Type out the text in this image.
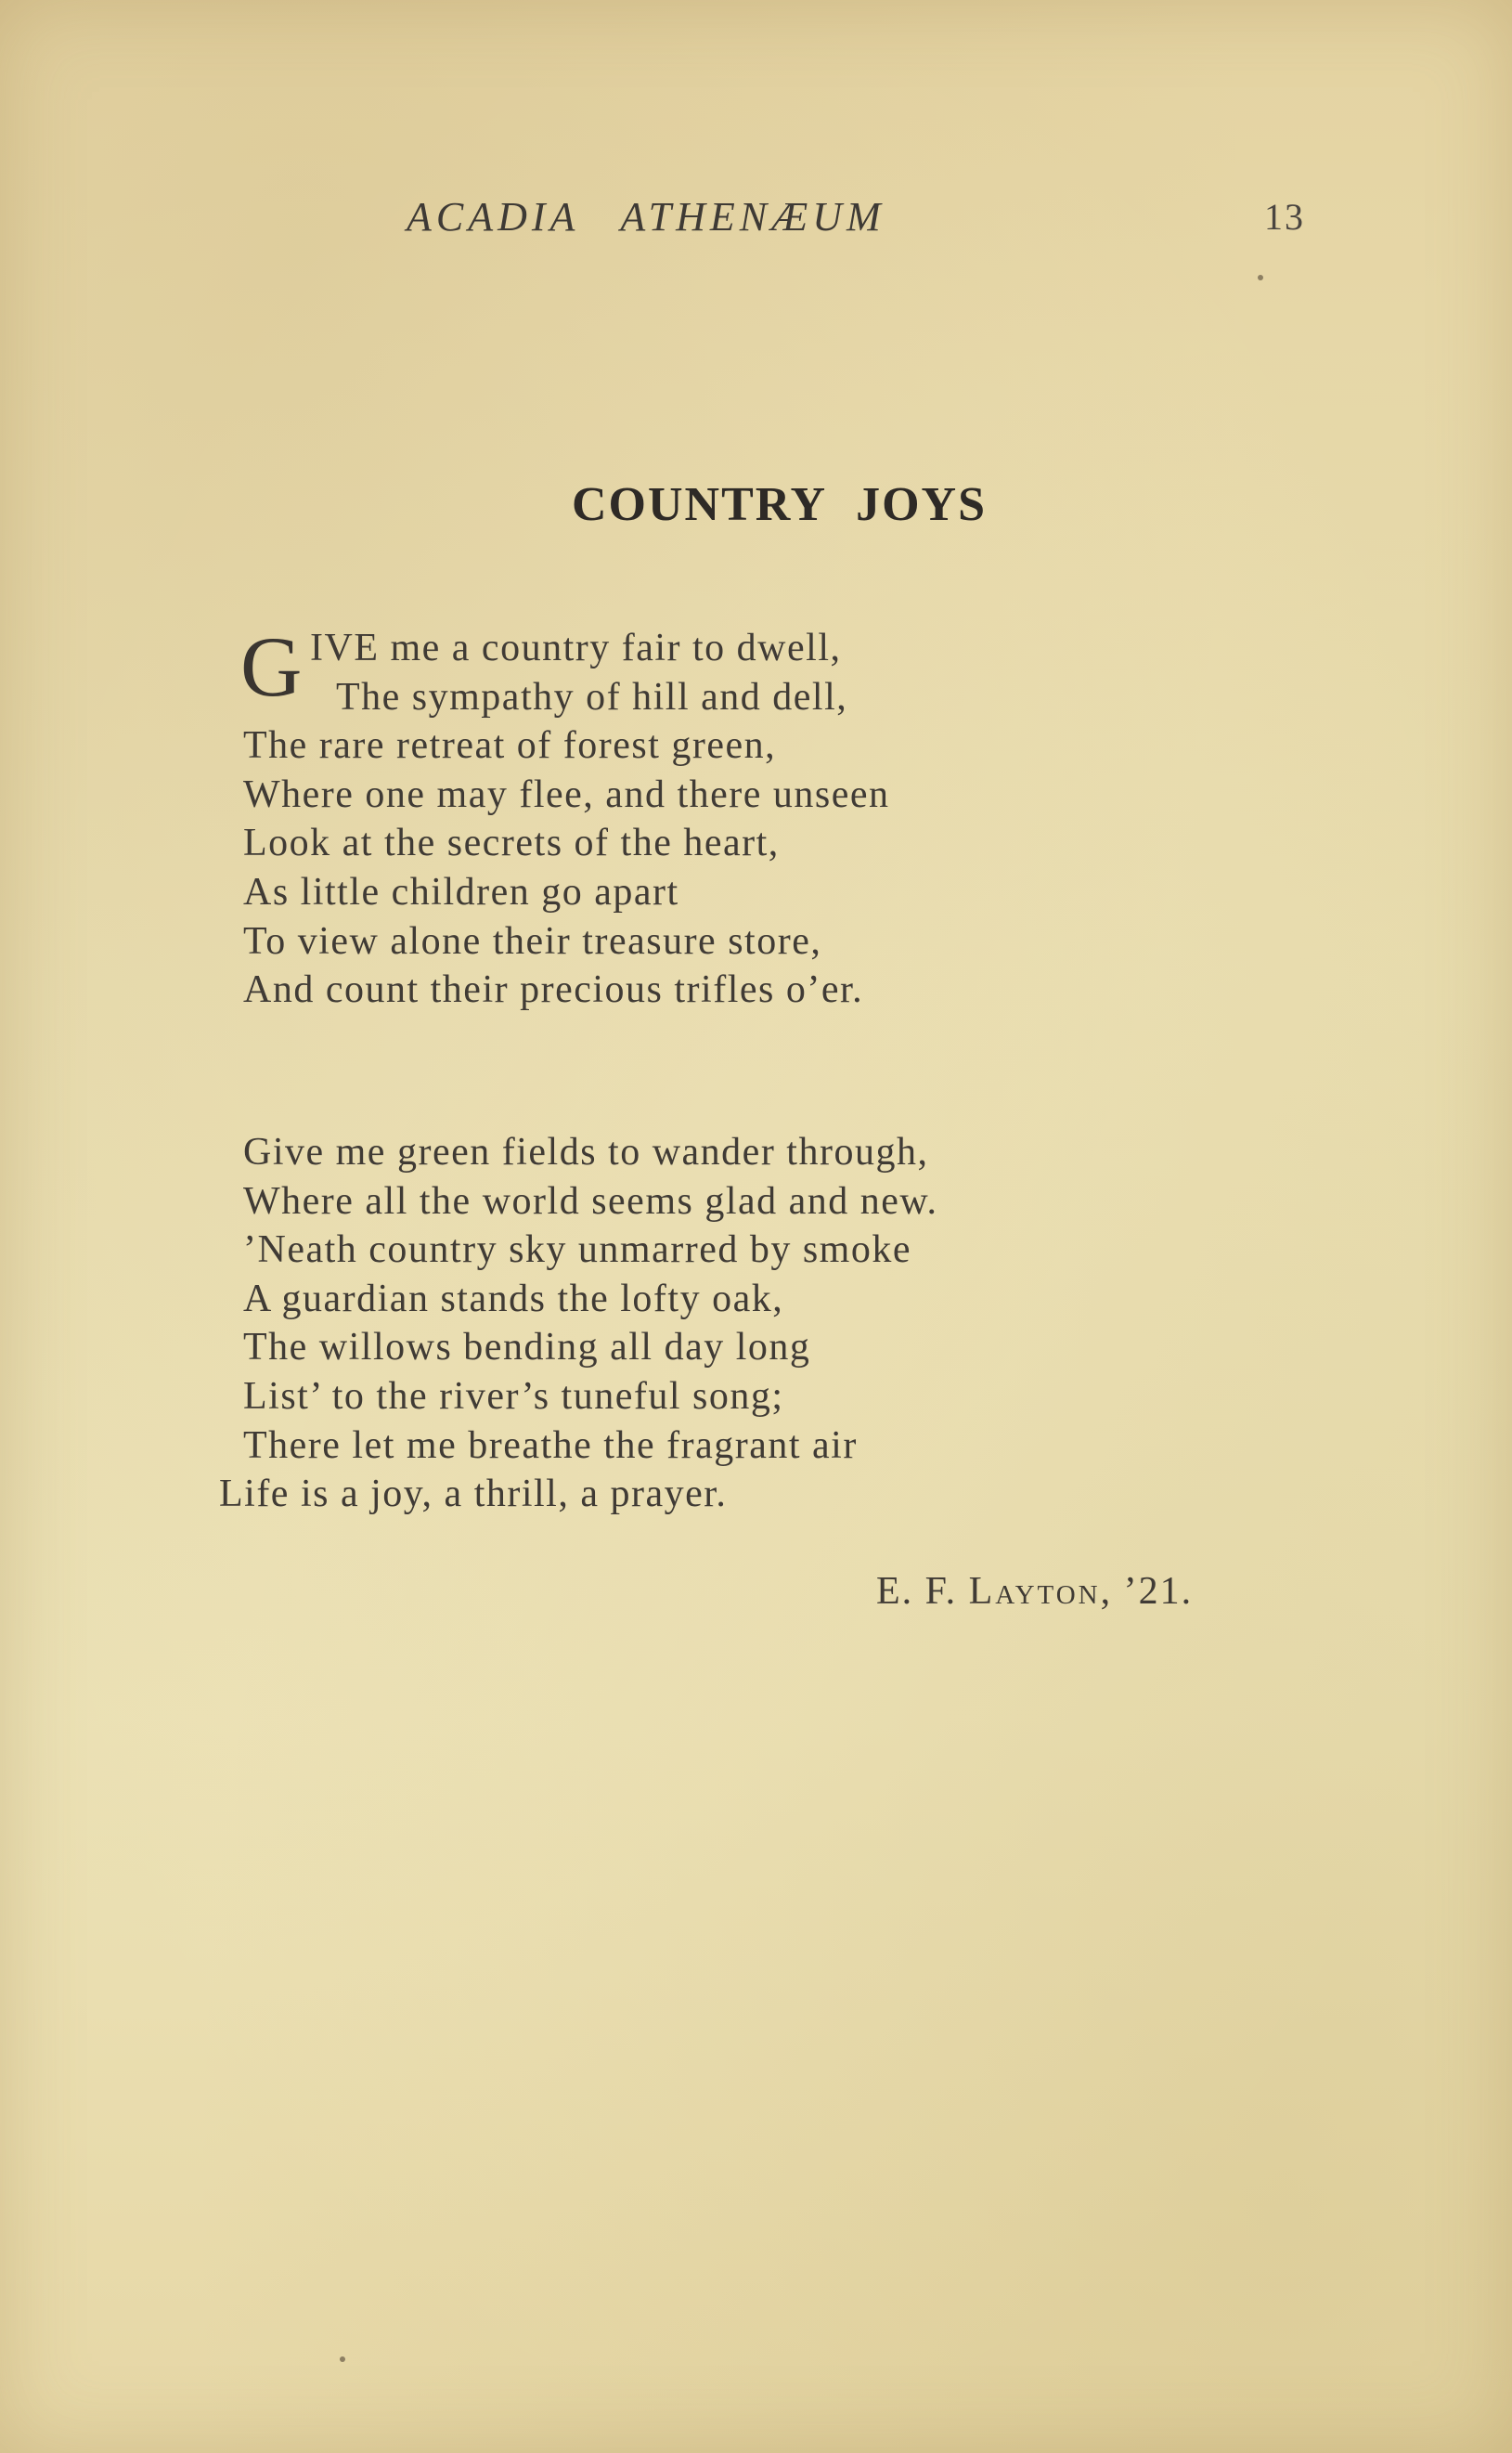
ACADIA ATHENÆUM	13
COUNTRY JOYS
G IVE me a country fair to dwell,
The sympathy of hill and dell,
The rare retreat of forest green,
Where one may flee, and there unseen
Look at the secrets of the heart,
As little children go apart
To view alone their treasure store,
And count their precious trifles o’er.
Give me green fields to wander through,
Where all the world seems glad and new.
’Neath country sky unmarred by smoke
A guardian stands the lofty oak,
The willows bending all day long
List’ to the river’s tuneful song;
There let me breathe the fragrant air
Life is a joy, a thrill, a prayer.
E. F. Layton, ’21.
